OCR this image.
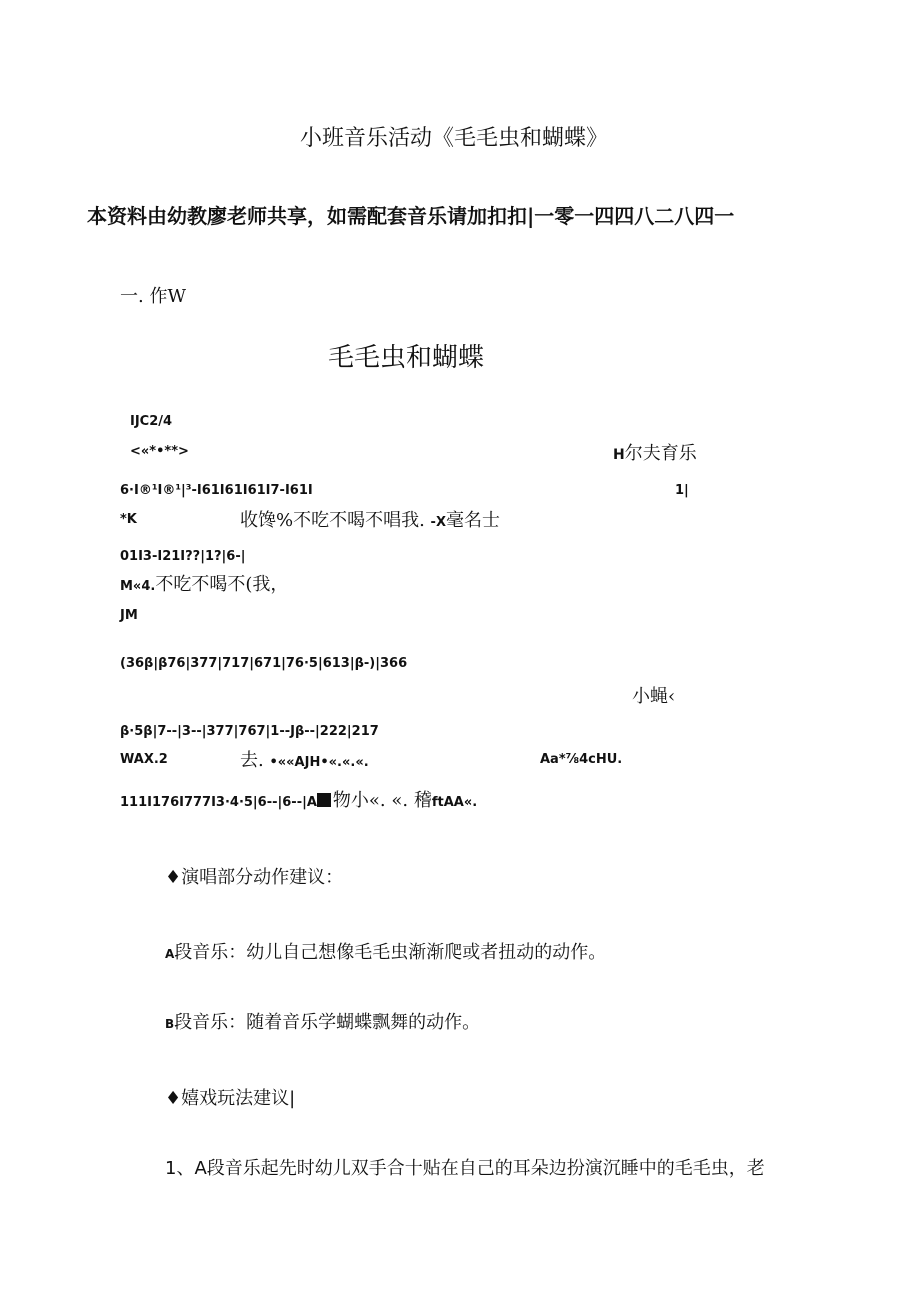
小班音乐活动《毛毛虫和蝴蝶》
本资料由幼教廖老师共享，如需配套音乐请加扣扣|一零一四四八二八四一
一. 作W
毛毛虫和蝴蝶
IJC2/4
<«*•**>	H尔夫育乐
6·I®¹I®¹|³-I61I61I61I7-I61I	1|
*K	收馋%不吃不喝不唱我. -X毫名士
01I3-I21I??|1?|6-|
M«4.不吃不喝不(我，
JM
(36β|β76|377|717|671|76·5|613|β-)|366
小蝇‹
β·5β|7--|3--|377|767|1--Jβ--|222|217
WAX.2	去. •««AJH•«.«.«.	Aa*⅞4cHU.
111I176I777I3·4·5|6--|6--|A 物小«. «. 稽ftAA«.
♦演唱部分动作建议：
A段音乐：幼儿自己想像毛毛虫渐渐爬或者扭动的动作。
B段音乐：随着音乐学蝴蝶飘舞的动作。
♦嬉戏玩法建议|
1、A段音乐起先时幼儿双手合十贴在自己的耳朵边扮演沉睡中的毛毛虫，老
